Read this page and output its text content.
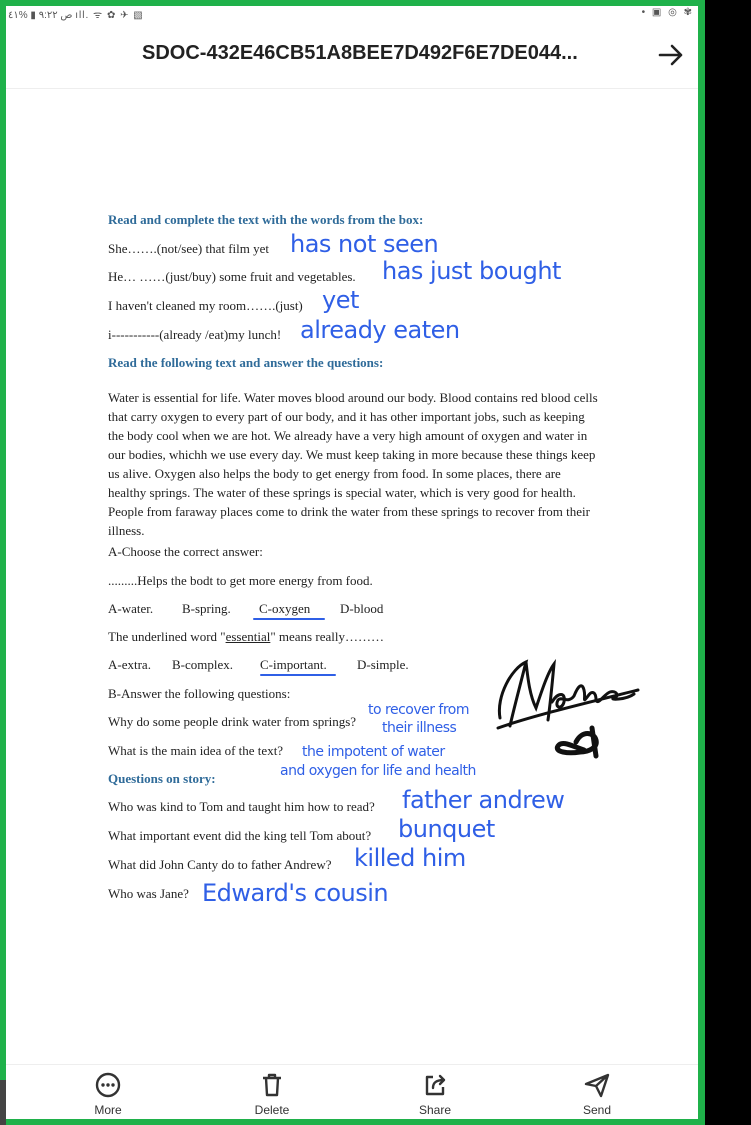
ص ٩:٢٢ ▮ %٤١ ıll. ᯤ ✿ ✈ ▧	• ▣ ◎ ✾
SDOC-432E46CB51A8BEE7D492F6E7DE044...
Read and complete the text with the words from the box:
She…….(not/see) that film yet has not seen
He… ……(just/buy) some fruit and vegetables. has just bought
I haven't cleaned my room…….(just) yet
i-----------(already /eat)my lunch! already eaten
Read the following text and answer the questions:
Water is essential for life. Water moves blood around our body. Blood contains red blood cells that carry oxygen to every part of our body, and it has other important jobs, such as keeping the body cool when we are hot. We already have a very high amount of oxygen and water in our bodies, whichh we use every day. We must keep taking in more because these things keep us alive. Oxygen also helps the body to get energy from food. In some places, there are healthy springs. The water of these springs is special water, which is very good for health. People from faraway places come to drink the water from these springs to recover from their illness.
A-Choose the correct answer:
.........Helps the bodt to get more energy from food.
A-water. B-spring. C-oxygen D-blood
The underlined word "essential" means really………
A-extra. B-complex. C-important. D-simple.
B-Answer the following questions:
Why do some people drink water from springs?
to recover from
their illness
What is the main idea of the text? the impotent of water
and oxygen for life and health
Questions on story:
Who was kind to Tom and taught him how to read? father andrew
What important event did the king tell Tom about? bunquet
What did John Canty do to father Andrew? killed him
Who was Jane? Edward's cousin
More	Delete	Share	Send
